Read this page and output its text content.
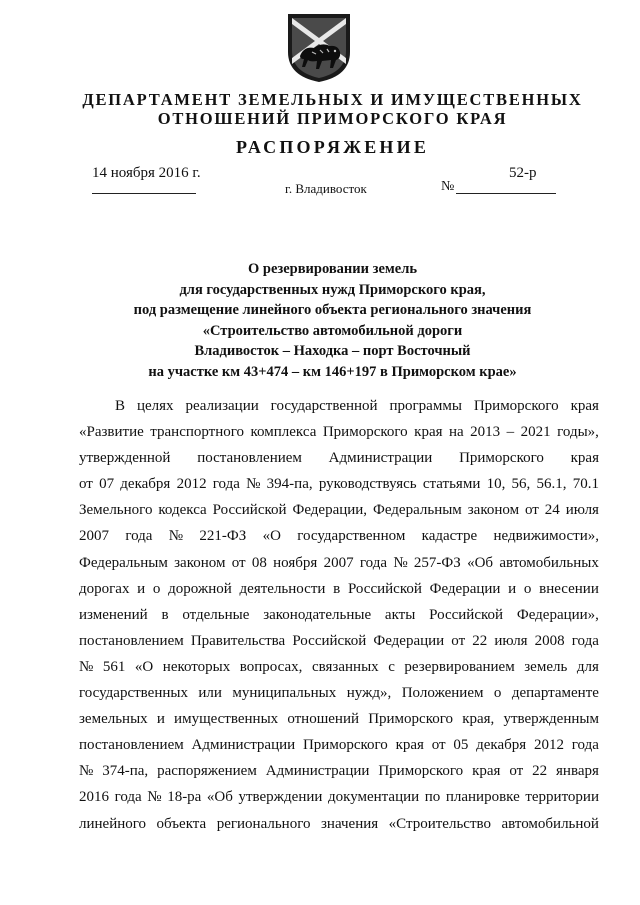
ДЕПАРТАМЕНТ ЗЕМЕЛЬНЫХ И ИМУЩЕСТВЕННЫХ
ОТНОШЕНИЙ ПРИМОРСКОГО КРАЯ
РАСПОРЯЖЕНИЕ
14 ноября 2016 г.
г. Владивосток	№
52-р
О резервировании земель
для государственных нужд Приморского края,
под размещение линейного объекта регионального значения
«Строительство автомобильной дороги
Владивосток – Находка – порт Восточный
на участке км 43+474 – км 146+197 в Приморском крае»
В целях реализации государственной программы Приморского края
«Развитие транспортного комплекса Приморского края на 2013 – 2021 годы»,
утвержденной постановлением Администрации Приморского края
от 07 декабря 2012 года № 394-па, руководствуясь статьями 10, 56, 56.1, 70.1
Земельного кодекса Российской Федерации, Федеральным законом от 24 июля
2007 года № 221-ФЗ «О государственном кадастре недвижимости»,
Федеральным законом от 08 ноября 2007 года № 257-ФЗ «Об автомобильных
дорогах и о дорожной деятельности в Российской Федерации и о внесении
изменений в отдельные законодательные акты Российской Федерации»,
постановлением Правительства Российской Федерации от 22 июля 2008 года
№ 561 «О некоторых вопросах, связанных с резервированием земель для
государственных или муниципальных нужд», Положением о департаменте
земельных и имущественных отношений Приморского края, утвержденным
постановлением Администрации Приморского края от 05 декабря 2012 года
№ 374-па, распоряжением Администрации Приморского края от 22 января
2016 года № 18-ра «Об утверждении документации по планировке территории
линейного объекта регионального значения «Строительство автомобильной
